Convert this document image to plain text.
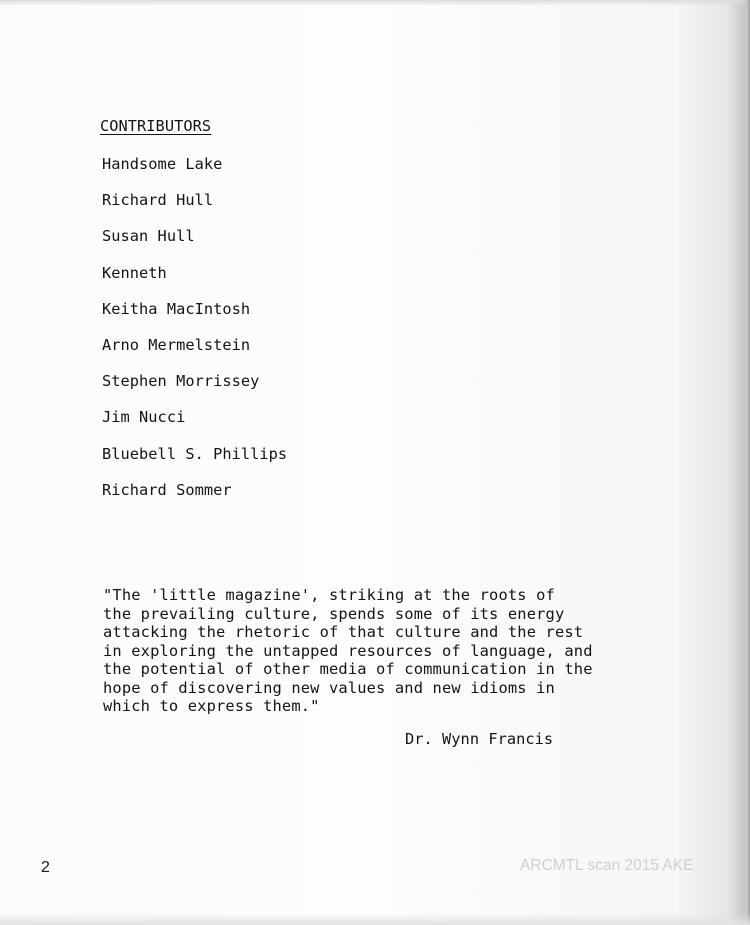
CONTRIBUTORS
Handsome Lake
Richard Hull
Susan Hull
Kenneth
Keitha MacIntosh
Arno Mermelstein
Stephen Morrissey
Jim Nucci
Bluebell S. Phillips
Richard Sommer
"The 'little magazine', striking at the roots of
the prevailing culture, spends some of its energy
attacking the rhetoric of that culture and the rest
in exploring the untapped resources of language, and
the potential of other media of communication in the
hope of discovering new values and new idioms in
which to express them."

Dr. Wynn Francis

2	ARCMTL scan 2015 AKE
